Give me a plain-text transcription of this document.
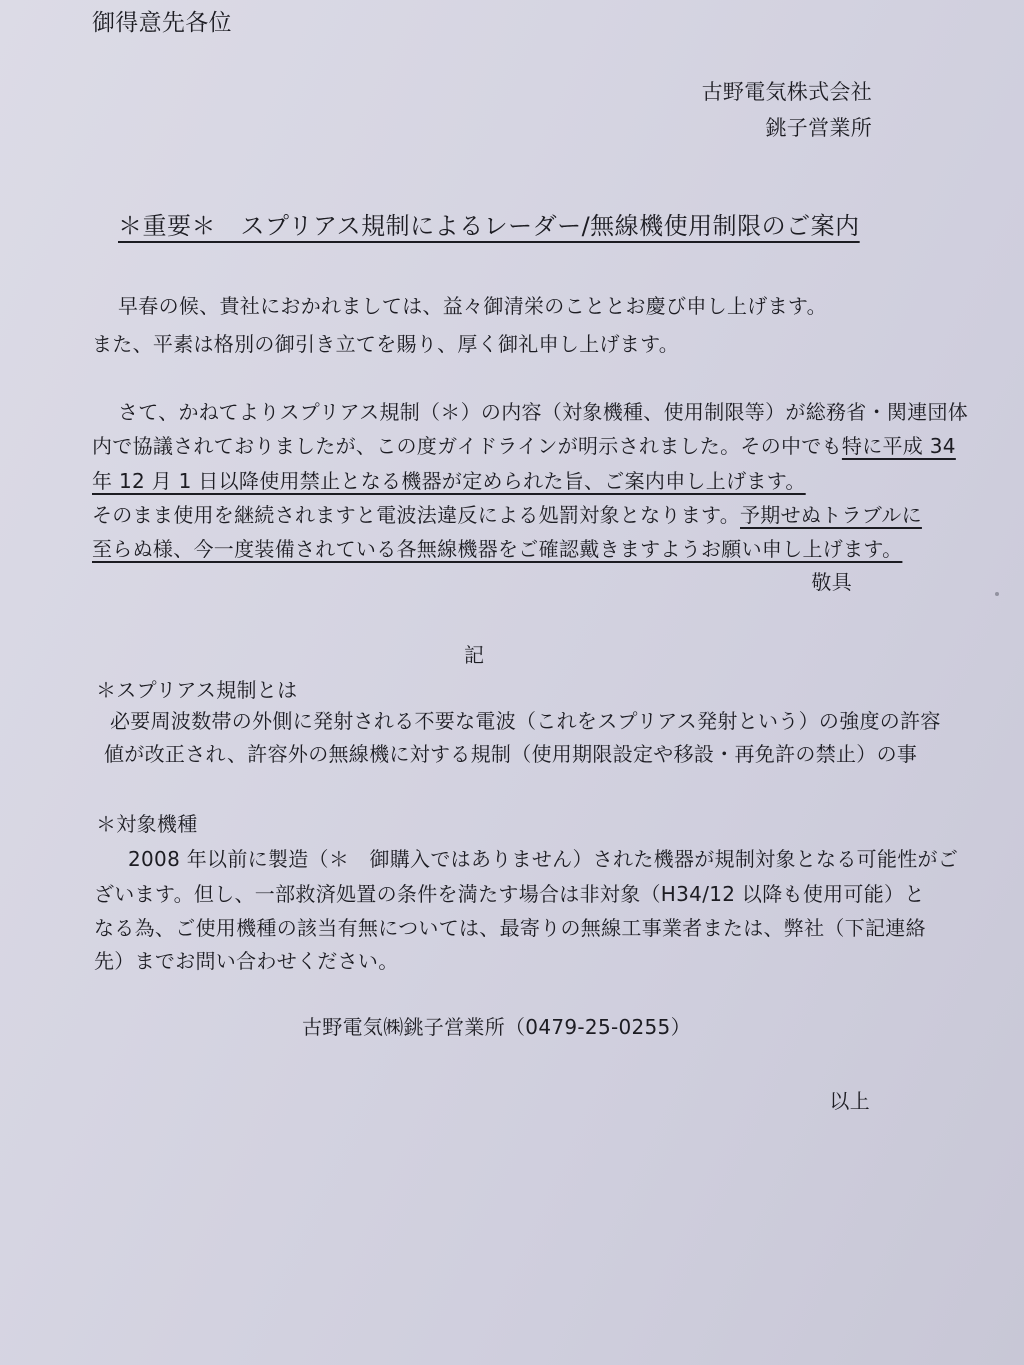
御得意先各位
古野電気株式会社
銚子営業所
＊重要＊　スプリアス規制によるレーダー/無線機使用制限のご案内
早春の候、貴社におかれましては、益々御清栄のこととお慶び申し上げます。
また、平素は格別の御引き立てを賜り、厚く御礼申し上げます。
さて、かねてよりスプリアス規制（＊）の内容（対象機種、使用制限等）が総務省・関連団体
内で協議されておりましたが、この度ガイドラインが明示されました。その中でも特に平成 34
年 12 月 1 日以降使用禁止となる機器が定められた旨、ご案内申し上げます。
そのまま使用を継続されますと電波法違反による処罰対象となります。予期せぬトラブルに
至らぬ様、今一度装備されている各無線機器をご確認戴きますようお願い申し上げます。
敬具
記
＊スプリアス規制とは
必要周波数帯の外側に発射される不要な電波（これをスプリアス発射という）の強度の許容
値が改正され、許容外の無線機に対する規制（使用期限設定や移設・再免許の禁止）の事
＊対象機種
2008 年以前に製造（＊　御購入ではありません）された機器が規制対象となる可能性がご
ざいます。但し、一部救済処置の条件を満たす場合は非対象（H34/12 以降も使用可能）と
なる為、ご使用機種の該当有無については、最寄りの無線工事業者または、弊社（下記連絡
先）までお問い合わせください。
古野電気㈱銚子営業所（0479-25-0255）
以上
